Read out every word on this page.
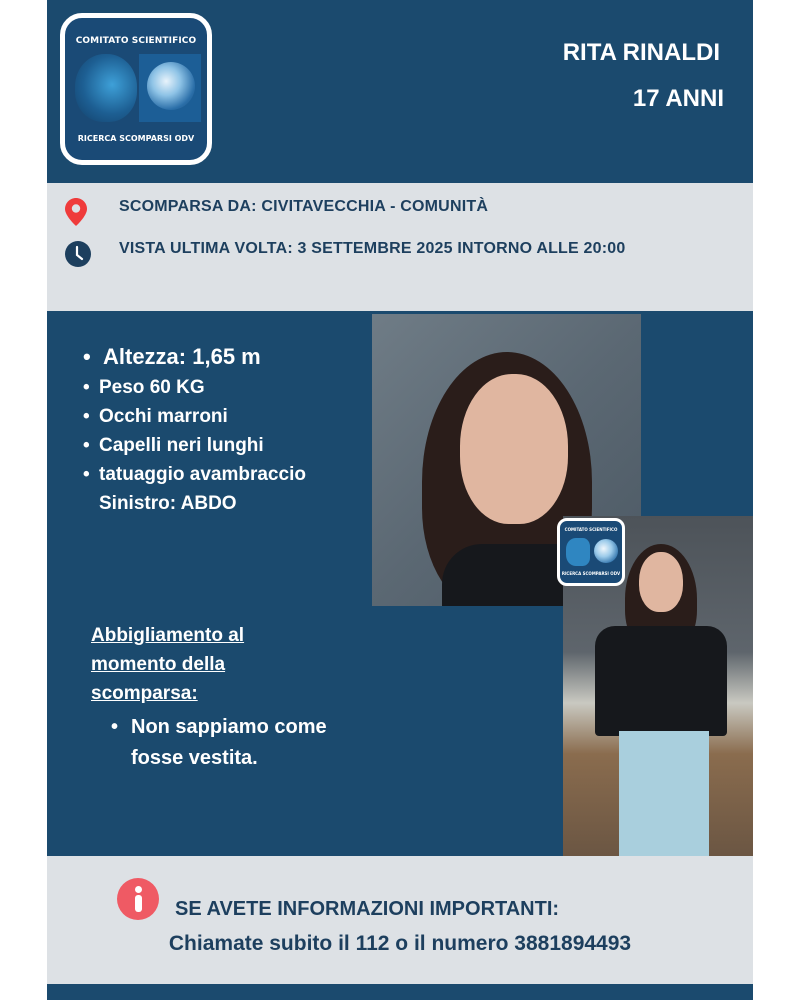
COMITATO SCIENTIFICO
RICERCA SCOMPARSI ODV
RITA RINALDI
17 ANNI
SCOMPARSA DA: CIVITAVECCHIA - COMUNITÀ
VISTA ULTIMA VOLTA: 3 SETTEMBRE 2025 INTORNO ALLE 20:00
• Altezza: 1,65 m
• Peso 60 KG
• Occhi marroni
• Capelli neri lunghi
• tatuaggio avambraccio Sinistro: ABDO
COMITATO SCIENTIFICO
RICERCA SCOMPARSI ODV
Abbigliamento al momento della scomparsa:
• Non sappiamo come fosse vestita.
SE AVETE INFORMAZIONI IMPORTANTI:
Chiamate subito il 112 o il numero 3881894493
